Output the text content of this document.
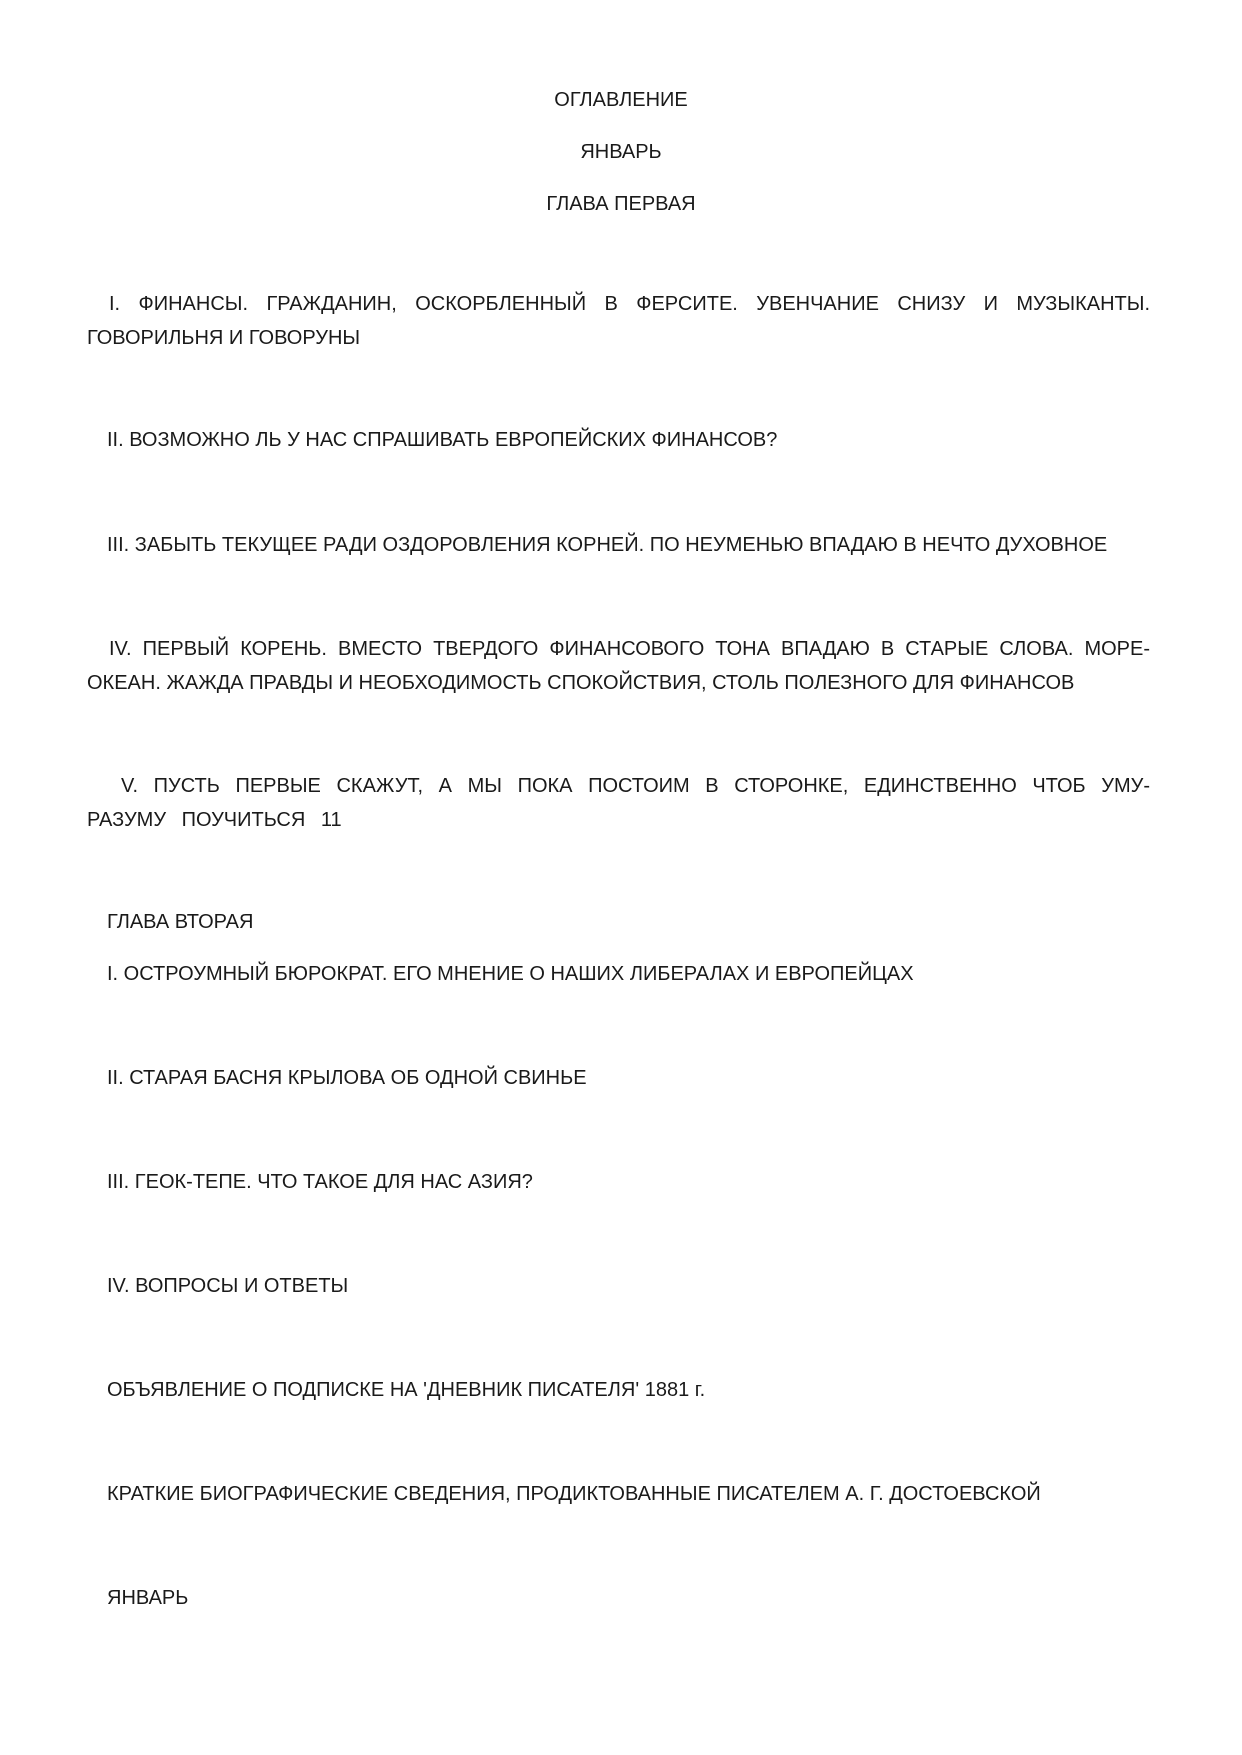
ОГЛАВЛЕНИЕ
ЯНВАРЬ
ГЛАВА ПЕРВАЯ
I. ФИНАНСЫ. ГРАЖДАНИН, ОСКОРБЛЕННЫЙ В ФЕРСИТЕ. УВЕНЧАНИЕ СНИЗУ И МУЗЫКАНТЫ. ГОВОРИЛЬНЯ И ГОВОРУНЫ
II. ВОЗМОЖНО ЛЬ У НАС СПРАШИВАТЬ ЕВРОПЕЙСКИХ ФИНАНСОВ?
III. ЗАБЫТЬ ТЕКУЩЕЕ РАДИ ОЗДОРОВЛЕНИЯ КОРНЕЙ. ПО НЕУМЕНЬЮ ВПАДАЮ В НЕЧТО ДУХОВНОЕ
IV. ПЕРВЫЙ КОРЕНЬ. ВМЕСТО ТВЕРДОГО ФИНАНСОВОГО ТОНА ВПАДАЮ В СТАРЫЕ СЛОВА. МОРЕ-ОКЕАН. ЖАЖДА ПРАВДЫ И НЕОБХОДИМОСТЬ СПОКОЙСТВИЯ, СТОЛЬ ПОЛЕЗНОГО ДЛЯ ФИНАНСОВ
V. ПУСТЬ ПЕРВЫЕ СКАЖУТ, А МЫ ПОКА ПОСТОИМ В СТОРОНКЕ, ЕДИНСТВЕННО ЧТОБ УМУ-РАЗУМУ ПОУЧИТЬСЯ 11
ГЛАВА ВТОРАЯ
I. ОСТРОУМНЫЙ БЮРОКРАТ. ЕГО МНЕНИЕ О НАШИХ ЛИБЕРАЛАХ И ЕВРОПЕЙЦАХ
II. СТАРАЯ БАСНЯ КРЫЛОВА ОБ ОДНОЙ СВИНЬЕ
III. ГЕОК-ТЕПЕ. ЧТО ТАКОЕ ДЛЯ НАС АЗИЯ?
IV. ВОПРОСЫ И ОТВЕТЫ
ОБЪЯВЛЕНИЕ О ПОДПИСКЕ НА 'ДНЕВНИК ПИСАТЕЛЯ' 1881 г.
КРАТКИЕ БИОГРАФИЧЕСКИЕ СВЕДЕНИЯ, ПРОДИКТОВАННЫЕ ПИСАТЕЛЕМ А. Г. ДОСТОЕВСКОЙ
ЯНВАРЬ
